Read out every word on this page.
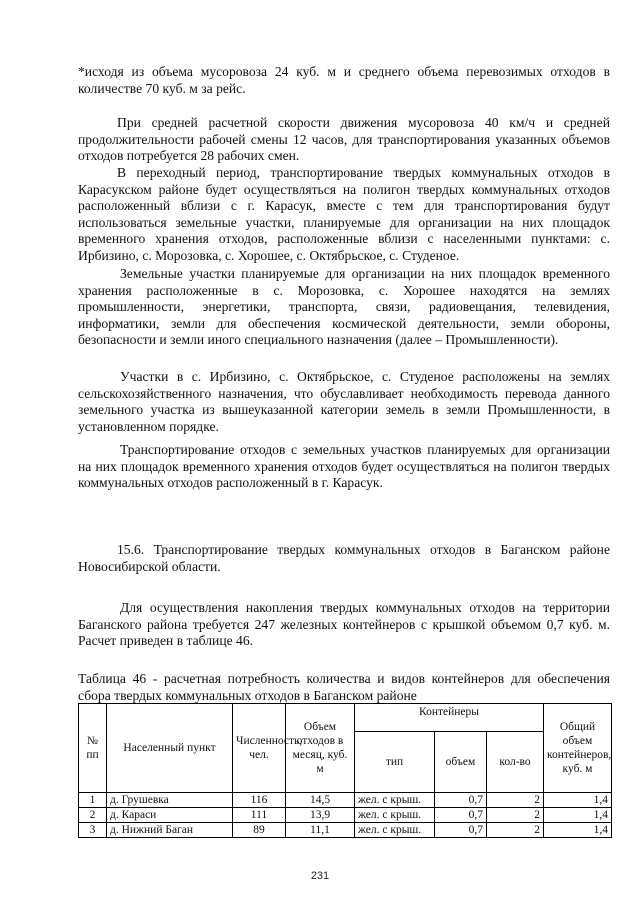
*исходя из объема мусоровоза 24 куб. м и среднего объема перевозимых отходов в количестве 70 куб. м за рейс.

При средней расчетной скорости движения мусоровоза 40 км/ч и средней продолжительности рабочей смены 12 часов, для транспортирования указанных объемов отходов потребуется 28 рабочих смен.

В переходный период, транспортирование твердых коммунальных отходов в Карасукском районе будет осуществляться на полигон твердых коммунальных отходов расположенный вблизи с г. Карасук, вместе с тем для транспортирования будут использоваться земельные участки, планируемые для организации на них площадок временного хранения отходов, расположенные вблизи с населенными пунктами: с. Ирбизино, с. Морозовка, с. Хорошее, с. Октябрьское, с. Студеное.

Земельные участки планируемые для организации на них площадок временного хранения расположенные в с. Морозовка, с. Хорошее находятся на землях промышленности, энергетики, транспорта, связи, радиовещания, телевидения, информатики, земли для обеспечения космической деятельности, земли обороны, безопасности и земли иного специального назначения (далее – Промышленности).

Участки в с. Ирбизино, с. Октябрьское, с. Студеное расположены на землях сельскохозяйственного назначения, что обуславливает необходимость перевода данного земельного участка из вышеуказанной категории земель в земли Промышленности, в установленном порядке.

Транспортирование отходов с земельных участков планируемых для организации на них площадок временного хранения отходов будет осуществляться на полигон твердых коммунальных отходов расположенный в г. Карасук.

15.6. Транспортирование твердых коммунальных отходов в Баганском районе Новосибирской области.

Для осуществления накопления твердых коммунальных отходов на территории Баганского района требуется 247 железных контейнеров с крышкой объемом 0,7 куб. м. Расчет приведен в таблице 46.

Таблица 46 - расчетная потребность количества и видов контейнеров для обеспечения сбора твердых коммунальных отходов в Баганском районе

№ пп	Населенный пункт	Численность, чел.	Объем отходов в месяц, куб. м	Контейнеры			Общий объем контейнеров, куб. м
				тип	объем	кол-во	
1	д. Грушевка	116	14,5	жел. с крыш.	0,7	2	1,4
2	д. Караси	111	13,9	жел. с крыш.	0,7	2	1,4
3	д. Нижний Баган	89	11,1	жел. с крыш.	0,7	2	1,4
231
